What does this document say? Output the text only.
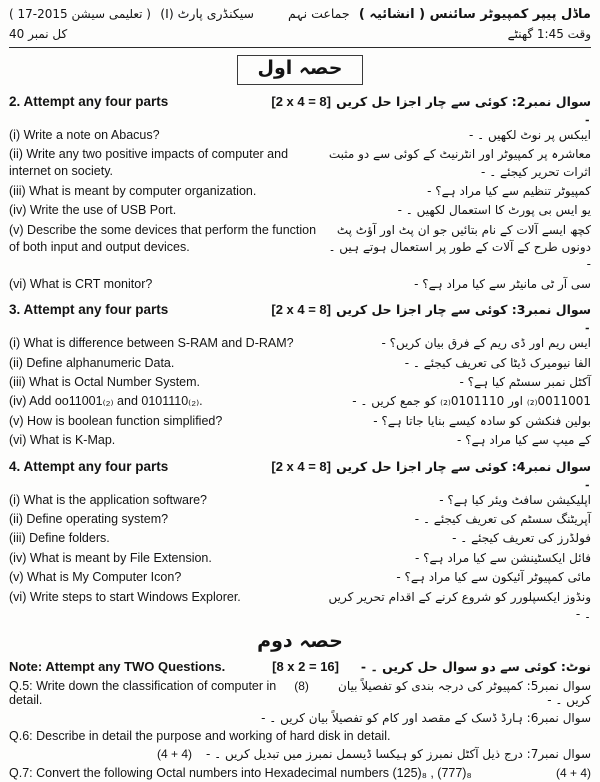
( تعلیمی سیشن 2015-17 )	جماعت نہم
سیکنڈری پارٹ (I)	ماڈل پیپر کمپیوٹر سائنس ( انشائیہ )
کل نمبر 40	وقت 1:45 گھنٹے
حصہ اول
2. Attempt any four parts	[2 x 4 = 8] سوال نمبر2: کوئی سے چار اجزا حل کریں ۔
(i) Write a note on Abacus?	ایبکس پر نوٹ لکھیں ۔ -
(ii) Write any two positive impacts of computer and internet on society.
معاشرہ پر کمپیوٹر اور انٹرنیٹ کے کوئی سے دو مثبت اثرات تحریر کیجئے ۔ -
(iii) What is meant by computer organization.	کمپیوٹر تنظیم سے کیا مراد ہے؟ -
(iv) Write the use of USB Port.	یو ایس بی پورٹ کا استعمال لکھیں ۔ -
(v) Describe the some devices that perform the function of both input and output devices.
کچھ ایسے آلات کے نام بتائیں جو ان پٹ اور آؤٹ پٹ دونوں طرح کے آلات کے طور پر استعمال ہوتے ہیں ۔ -
(vi) What is CRT monitor?	سی آر ٹی مانیٹر سے کیا مراد ہے؟ -
3. Attempt any four parts	[2 x 4 = 8] سوال نمبر3: کوئی سے چار اجزا حل کریں ۔
(i) What is difference between S-RAM and D-RAM?	ایس ریم اور ڈی ریم کے فرق بیان کریں؟ -
(ii) Define alphanumeric Data.	الفا نیومیرک ڈیٹا کی تعریف کیجئے ۔ -
(iii) What is Octal Number System.	آکٹل نمبر سسٹم کیا ہے؟ -
(iv) Add oo11001₍₂₎ and 0101110₍₂₎.	0011001₍₂₎ اور 0101110₍₂₎ کو جمع کریں ۔ -
(v) How is boolean function simplified?	بولین فنکشن کو سادہ کیسے بنایا جاتا ہے؟ -
(vi) What is K-Map.	کے میپ سے کیا مراد ہے؟ -
4. Attempt any four parts	[2 x 4 = 8] سوال نمبر4: کوئی سے چار اجزا حل کریں ۔
(i) What is the application software?	اپلیکیشن سافٹ ویئر کیا ہے؟ -
(ii) Define operating system?	آپریٹنگ سسٹم کی تعریف کیجئے ۔ -
(iii) Define folders.	فولڈرز کی تعریف کیجئے ۔ -
(iv) What is meant by File Extension.	فائل ایکسٹینشن سے کیا مراد ہے؟ -
(v) What is My Computer Icon?	مائی کمپیوٹر آئیکون سے کیا مراد ہے؟ -
(vi) Write steps to start Windows Explorer.	ونڈوز ایکسپلورر کو شروع کرنے کے اقدام تحریر کریں ۔ -
حصہ دوم
Note: Attempt any TWO Questions.	[8 x 2 = 16]	نوٹ: کوئی سے دو سوال حل کریں ۔ -
Q.5: Write down the classification of computer in detail.
(8)	سوال نمبر5: کمپیوٹر کی درجہ بندی کو تفصیلاً بیان کریں ۔ -
سوال نمبر6: ہارڈ ڈسک کے مقصد اور کام کو تفصیلاً بیان کریں ۔ -
Q.6: Describe in detail the purpose and working of hard disk in detail.
(4 + 4) سوال نمبر7: درج ذیل آکٹل نمبرز کو ہیکسا ڈیسمل نمبرز میں تبدیل کریں ۔ -
Q.7: Convert the following Octal numbers into Hexadecimal numbers (125)₈ , (777)₈	(4 + 4)
